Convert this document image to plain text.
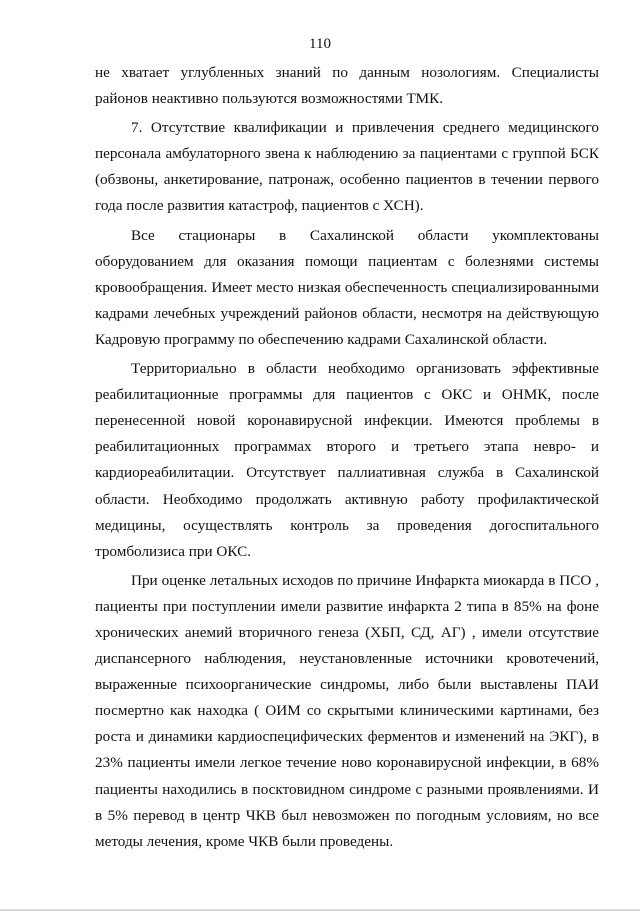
110

не хватает углубленных знаний по данным нозологиям. Специалисты районов неактивно пользуются возможностями ТМК.

7. Отсутствие квалификации и привлечения среднего медицинского персонала амбулаторного звена к наблюдению за пациентами с группой БСК (обзвоны, анкетирование, патронаж, особенно пациентов в течении первого года после развития катастроф, пациентов с ХСН).

Все стационары в Сахалинской области укомплектованы оборудованием для оказания помощи пациентам с болезнями системы кровообращения. Имеет место низкая обеспеченность специализированными кадрами лечебных учреждений районов области, несмотря на действующую Кадровую программу по обеспечению кадрами Сахалинской области.

Территориально в области необходимо организовать эффективные реабилитационные программы для пациентов с ОКС и ОНМК, после перенесенной новой коронавирусной инфекции. Имеются проблемы в реабилитационных программах второго и третьего этапа невро- и кардиореабилитации. Отсутствует паллиативная служба в Сахалинской области. Необходимо продолжать активную работу профилактической медицины, осуществлять контроль за проведения догоспитального тромболизиса при ОКС.

При оценке летальных исходов по причине Инфаркта миокарда в ПСО , пациенты при поступлении имели развитие инфаркта 2 типа в 85% на фоне хронических анемий вторичного генеза (ХБП, СД, АГ) , имели отсутствие диспансерного наблюдения, неустановленные источники кровотечений, выраженные психоорганические синдромы, либо были выставлены ПАИ посмертно как находка ( ОИМ со скрытыми клиническими картинами, без роста и динамики кардиоспецифических ферментов и изменений на ЭКГ), в 23% пациенты имели легкое течение ново коронавирусной инфекции, в 68% пациенты находились в посктовидном синдроме с разными проявлениями. И в 5% перевод в центр ЧКВ был невозможен по погодным условиям, но все методы лечения, кроме ЧКВ были проведены.
